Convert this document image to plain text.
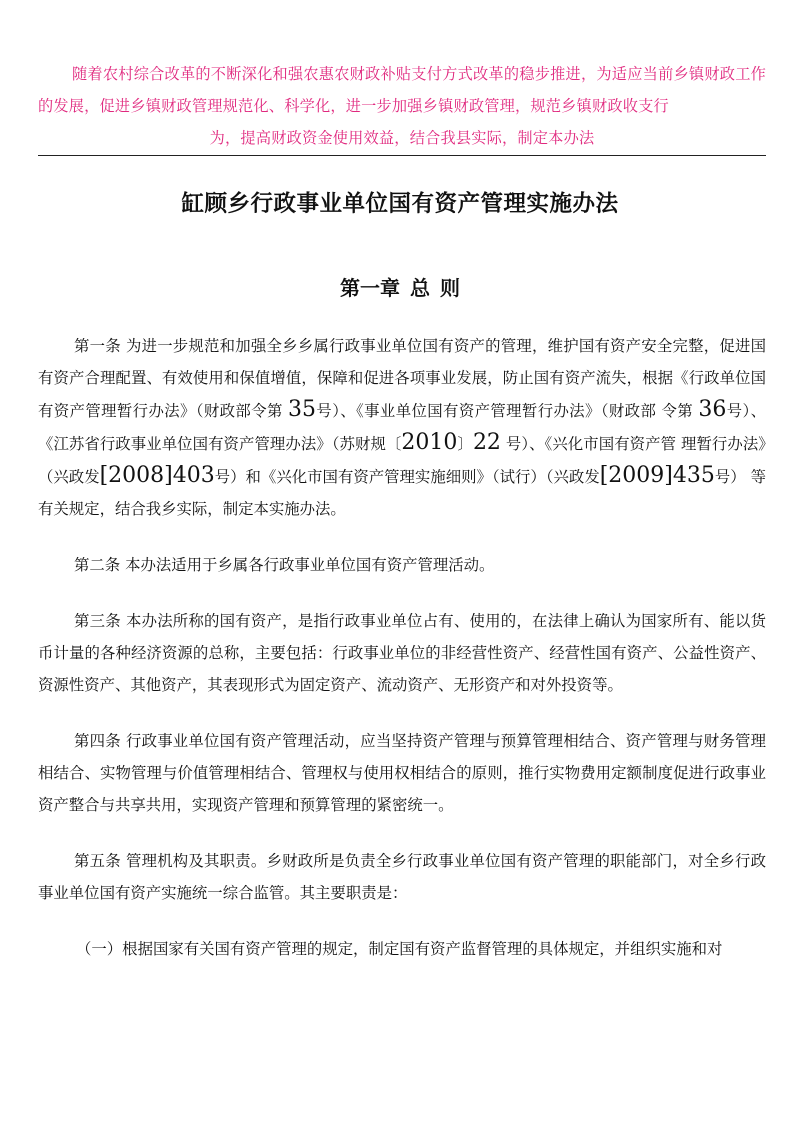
随着农村综合改革的不断深化和强农惠农财政补贴支付方式改革的稳步推进，为适应当前乡镇财政工作的发展，促进乡镇财政管理规范化、科学化，进一步加强乡镇财政管理，规范乡镇财政收支行
为，提高财政资金使用效益，结合我县实际，制定本办法
缸顾乡行政事业单位国有资产管理实施办法
第一章 总 则

第一条 为进一步规范和加强全乡乡属行政事业单位国有资产的管理，维护国有资产安全完整，促进国有资产合理配置、有效使用和保值增值，保障和促进各项事业发展，防止国有资产流失，根据《行政单位国有资产管理暂行办法》（财政部令第 35号）、《事业单位国有资产管理暂行办法》（财政部 令第 36号）、《江苏省行政事业单位国有资产管理办法》（苏财规〔2010〕22 号）、《兴化市国有资产管 理暂行办法》（兴政发[2008]403号）和《兴化市国有资产管理实施细则》（试行）（兴政发[2009]435号） 等有关规定，结合我乡实际，制定本实施办法。

第二条 本办法适用于乡属各行政事业单位国有资产管理活动。

第三条 本办法所称的国有资产，是指行政事业单位占有、使用的，在法律上确认为国家所有、能以货币计量的各种经济资源的总称，主要包括：行政事业单位的非经营性资产、经营性国有资产、公益性资产、资源性资产、其他资产，其表现形式为固定资产、流动资产、无形资产和对外投资等。

第四条 行政事业单位国有资产管理活动，应当坚持资产管理与预算管理相结合、资产管理与财务管理相结合、实物管理与价值管理相结合、管理权与使用权相结合的原则，推行实物费用定额制度促进行政事业资产整合与共享共用，实现资产管理和预算管理的紧密统一。

第五条 管理机构及其职责。乡财政所是负责全乡行政事业单位国有资产管理的职能部门，对全乡行政事业单位国有资产实施统一综合监管。其主要职责是：

（一）根据国家有关国有资产管理的规定，制定国有资产监督管理的具体规定，并组织实施和对
